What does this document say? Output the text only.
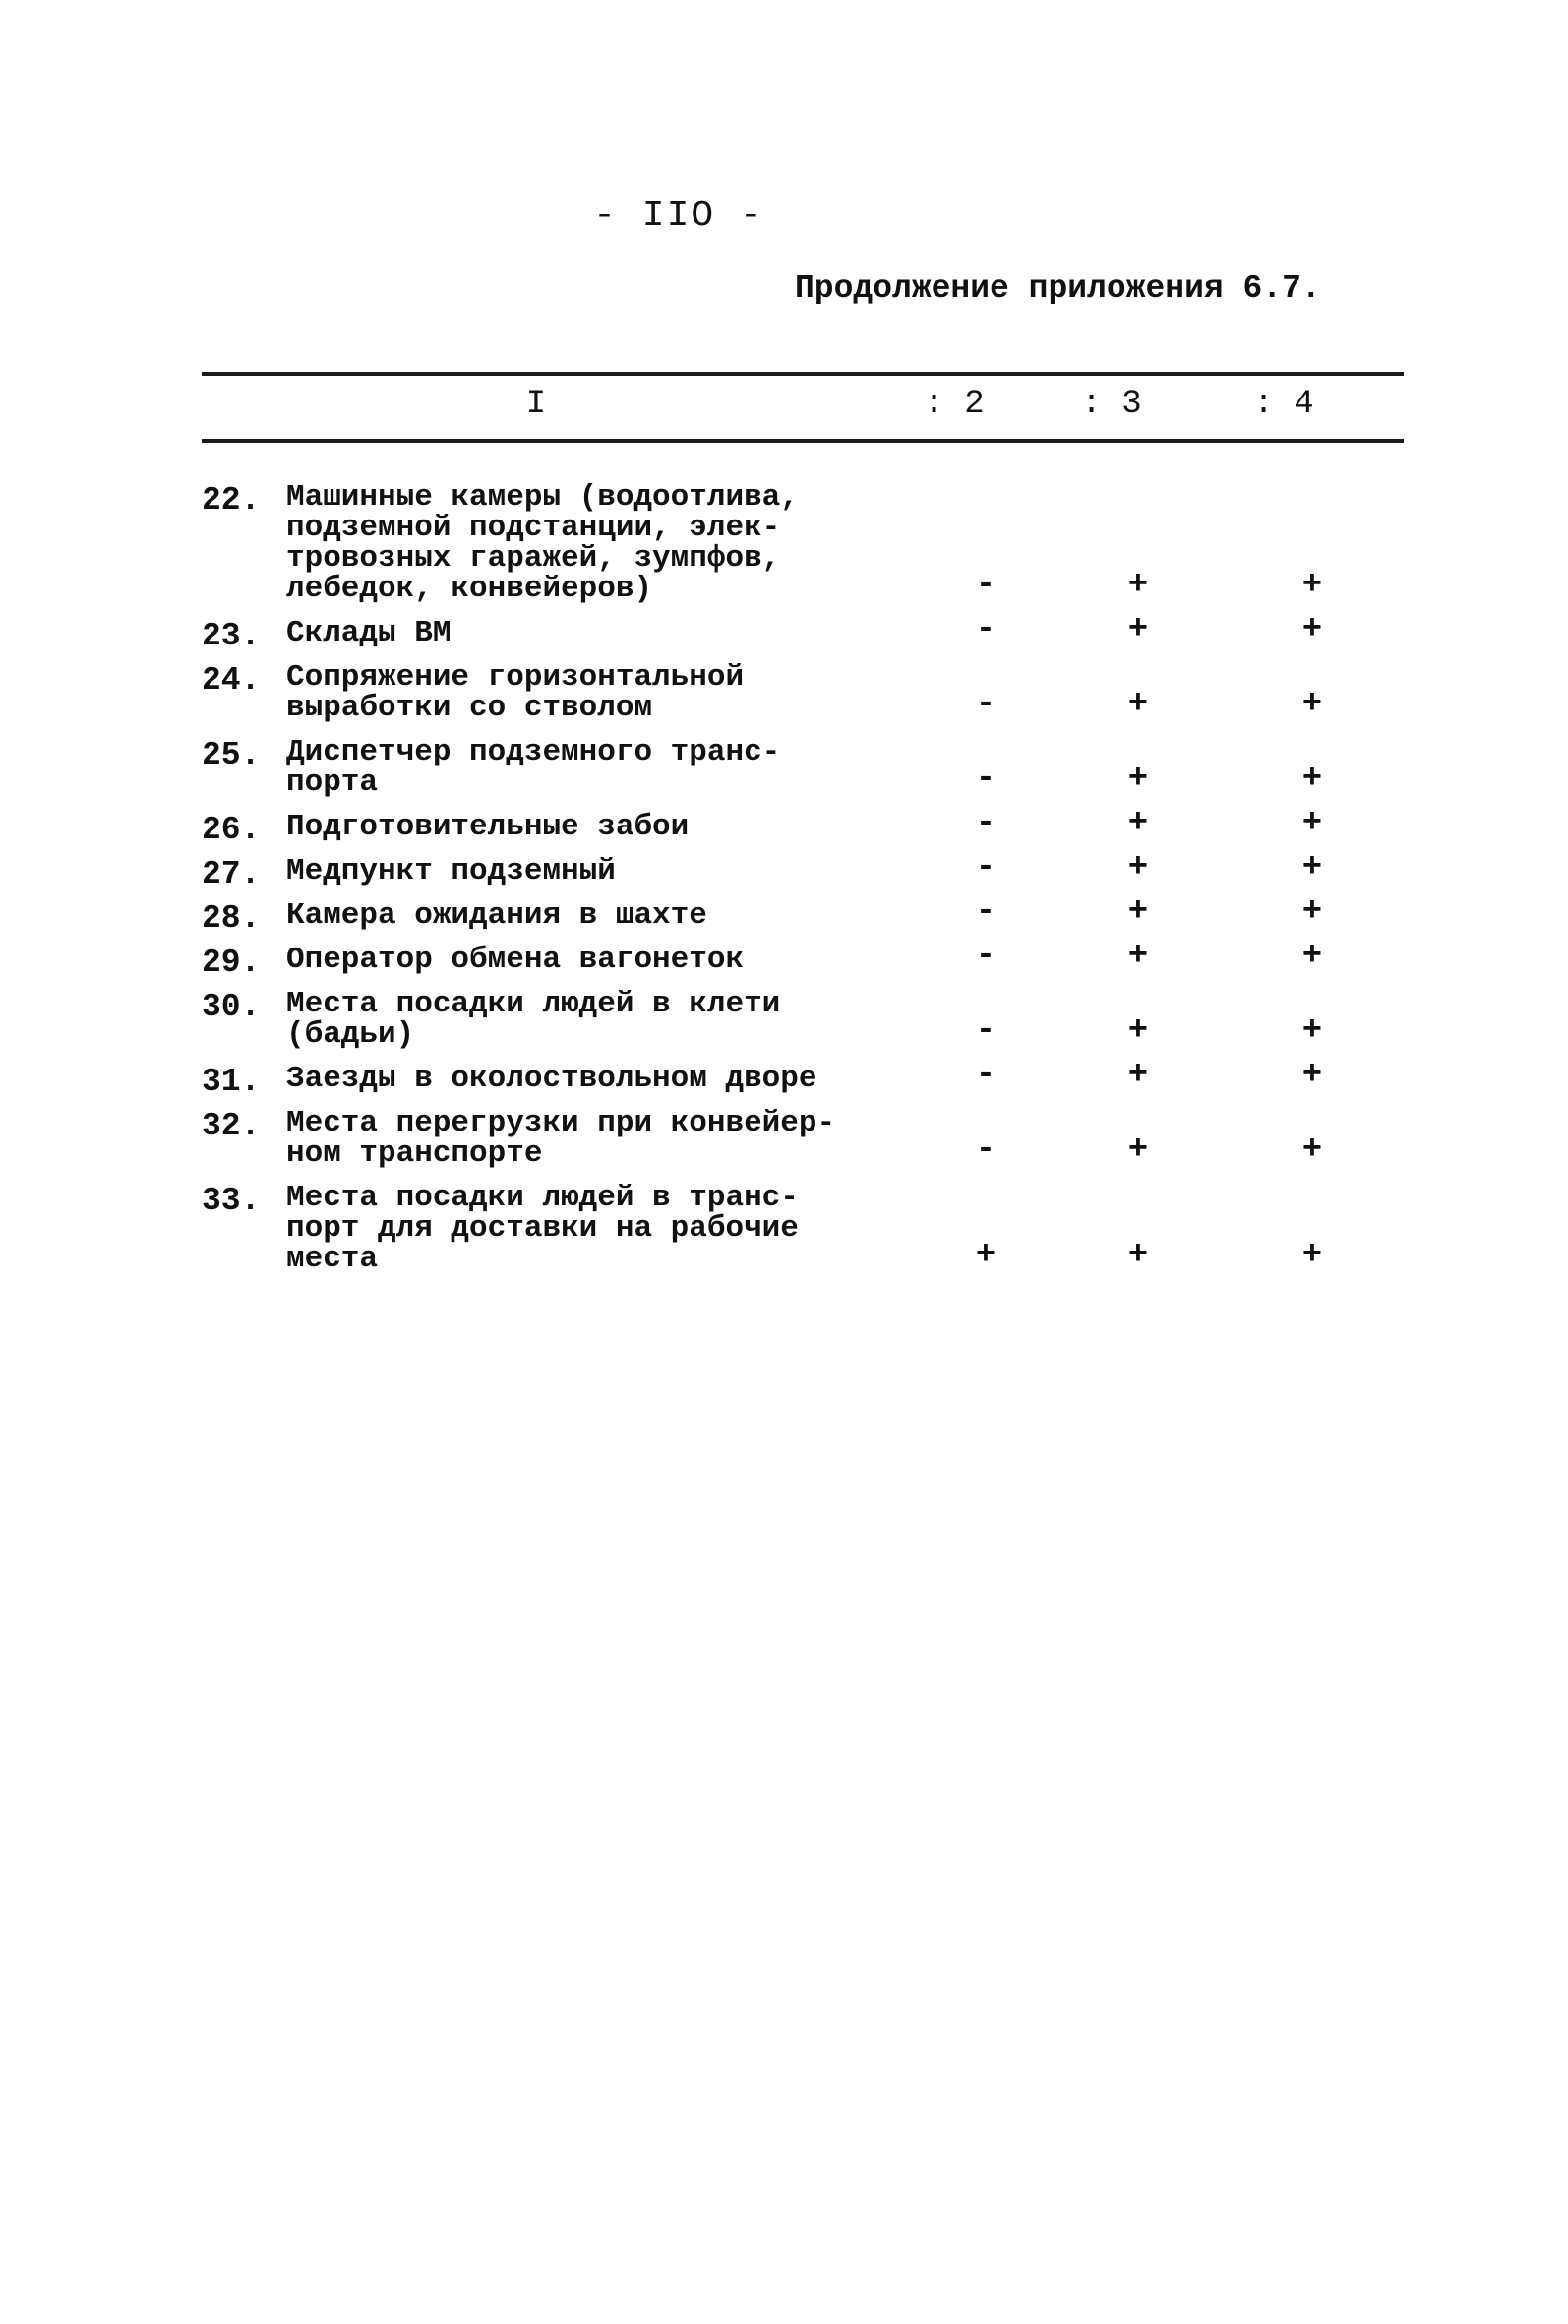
- IIO -
Продолжение приложения 6.7.
I	: 2	: 3	: 4
22. Машинные камеры (водоотлива,
подземной подстанции, элек-
тровозных гаражей, зумпфов,
лебедок, конвейеров)	-	+	+
23. Склады ВМ	-	+	+
24. Сопряжение горизонтальной
выработки со стволом	-	+	+
25. Диспетчер подземного транс-
порта	-	+	+
26. Подготовительные забои	-	+	+
27. Медпункт подземный	-	+	+
28. Камера ожидания в шахте	-	+	+
29. Оператор обмена вагонеток	-	+	+
30. Места посадки людей в клети
(бадьи)	-	+	+
31. Заезды в околоствольном дворе	-	+	+
32. Места перегрузки при конвейер-
ном транспорте	-	+	+
33. Места посадки людей в транс-
порт для доставки на рабочие
места	+	+	+
